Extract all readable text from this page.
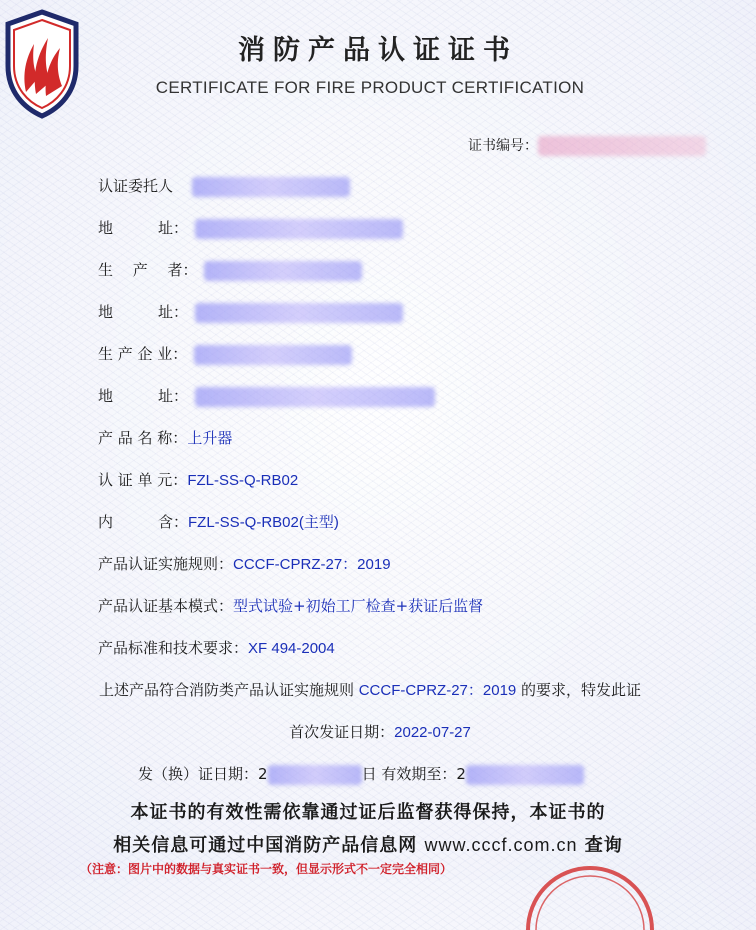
消防产品认证证书
CERTIFICATE FOR FIRE PRODUCT CERTIFICATION
证书编号：
认证委托人
地　　　址：
生　 产　 者：
地　　　址：
生 产 企 业：
地　　　址：
产 品 名 称：上升器
认 证 单 元：FZL-SS-Q-RB02
内　　　含：FZL-SS-Q-RB02(主型)
产品认证实施规则：CCCF-CPRZ-27：2019
产品认证基本模式：型式试验+初始工厂检查+获证后监督
产品标准和技术要求：XF 494-2004
上述产品符合消防类产品认证实施规则 CCCF-CPRZ-27：2019 的要求，特发此证
首次发证日期：2022-07-27
发（换）证日期：2	日 有效期至：2
本证书的有效性需依靠通过证后监督获得保持，本证书的
相关信息可通过中国消防产品信息网 www.cccf.com.cn 查询
（注意：图片中的数据与真实证书一致，但显示形式不一定完全相同）
